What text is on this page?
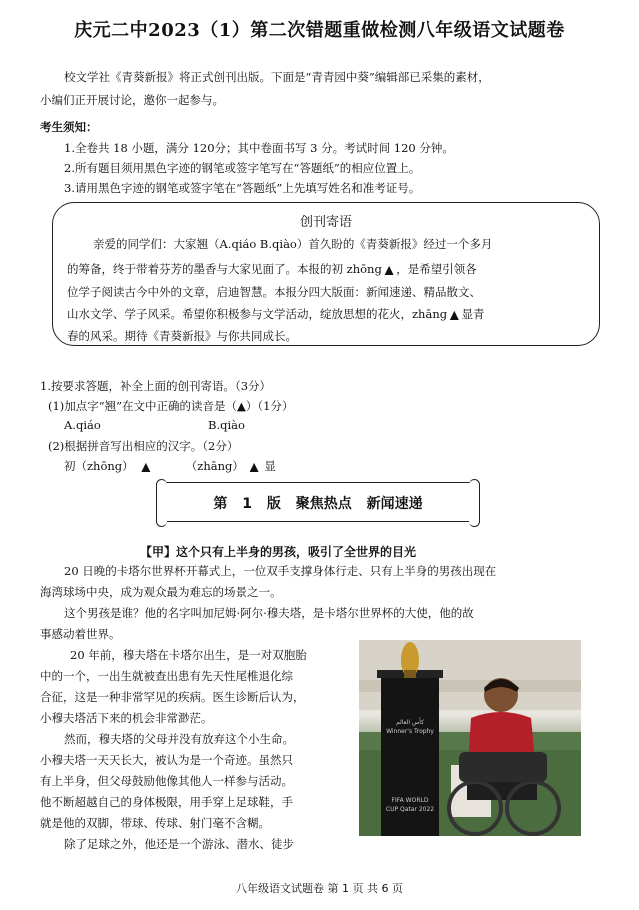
庆元二中2023（1）第二次错题重做检测八年级语文试题卷
校文学社《青葵新报》将正式创刊出版。下面是“青青园中葵”编辑部已采集的素材，
小编们正开展讨论，邀你一起参与。
考生须知：
1.全卷共 18 小题，满分 120分；其中卷面书写 3 分。考试时间 120 分钟。
2.所有题目须用黑色字迹的钢笔或签字笔写在“答题纸”的相应位置上。
3.请用黑色字迹的钢笔或签字笔在“答题纸”上先填写姓名和准考证号。
创刊寄语
亲爱的同学们：大家翘（A.qiáo B.qiào）首久盼的《青葵新报》经过一个多月
的筹备，终于带着芬芳的墨香与大家见面了。本报的初 zhōng ▲ ，是希望引领各
位学子阅读古今中外的文章，启迪智慧。本报分四大版面：新闻速递、精品散文、
山水文学、学子风采。希望你积极参与文学活动，绽放思想的花火，zhāng ▲ 显青
春的风采。期待《青葵新报》与你共同成长。
1.按要求答题，补全上面的创刊寄语。（3分）
(1)加点字“翘”在文中正确的读音是（▲）（1分）
A.qiáo	B.qiào
(2)根据拼音写出相应的汉字。（2分）
初（zhōng） ▲	（zhāng） ▲ 显
第 1 版 聚焦热点 新闻速递
【甲】这个只有上半身的男孩，吸引了全世界的目光
20 日晚的卡塔尔世界杯开幕式上，一位双手支撑身体行走、只有上半身的男孩出现在
海湾球场中央，成为观众最为难忘的场景之一。
这个男孩是谁？他的名字叫加尼姆·阿尔·穆夫塔，是卡塔尔世界杯的大使，他的故
事感动着世界。
20 年前，穆夫塔在卡塔尔出生，是一对双胞胎
中的一个，一出生就被查出患有先天性尾椎退化综
合征，这是一种非常罕见的疾病。医生诊断后认为，
小穆夫塔活下来的机会非常渺茫。
然而，穆夫塔的父母并没有放弃这个小生命。
小穆夫塔一天天长大，被认为是一个奇迹。虽然只
有上半身，但父母鼓励他像其他人一样参与活动。
他不断超越自己的身体极限，用手穿上足球鞋，手
就是他的双脚，带球、传球、射门毫不含糊。
除了足球之外，他还是一个游泳、潜水、徒步
كأس العالم
Winner's Trophy
FIFA WORLD CUP Qatar 2022
八年级语文试题卷 第 1 页 共 6 页
